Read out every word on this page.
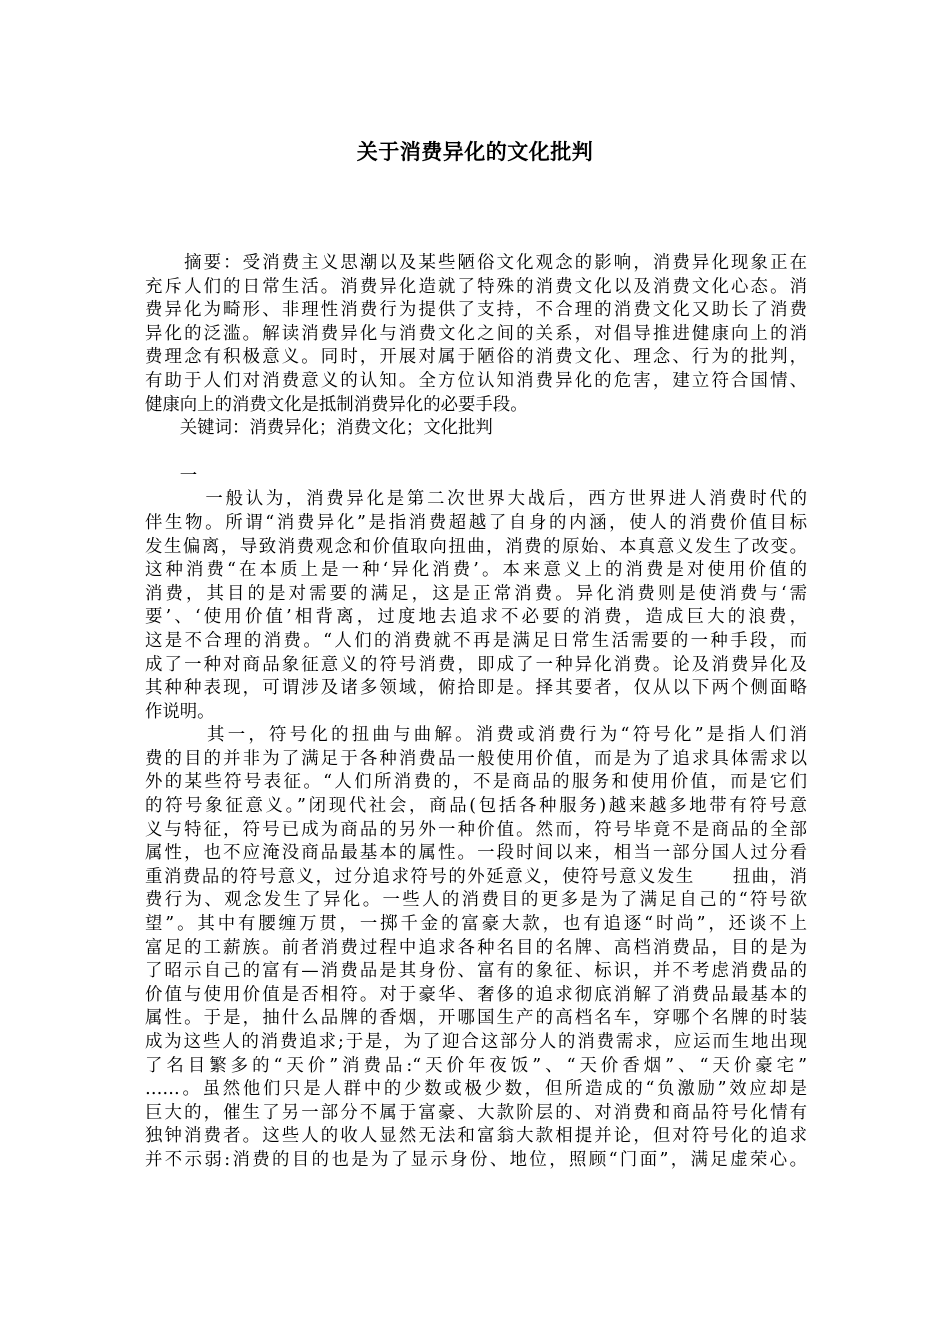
关于消费异化的文化批判
　　摘要：受消费主义思潮以及某些陋俗文化观念的影响，消费异化现象正在
充斥人们的日常生活。消费异化造就了特殊的消费文化以及消费文化心态。消
费异化为畸形、非理性消费行为提供了支持，不合理的消费文化又助长了消费
异化的泛滥。解读消费异化与消费文化之间的关系，对倡导推进健康向上的消
费理念有积极意义。同时，开展对属于陋俗的消费文化、理念、行为的批判，
有助于人们对消费意义的认知。全方位认知消费异化的危害，建立符合国情、
健康向上的消费文化是抵制消费异化的必要手段。
　　关键词：消费异化；消费文化；文化批判
　　一
　　　一般认为，消费异化是第二次世界大战后，西方世界进人消费时代的
伴生物。所谓“消费异化”是指消费超越了自身的内涵，使人的消费价值目标
发生偏离，导致消费观念和价值取向扭曲，消费的原始、本真意义发生了改变。
这种消费“在本质上是一种‘异化消费’。本来意义上的消费是对使用价值的
消费，其目的是对需要的满足，这是正常消费。异化消费则是使消费与‘需
要’、‘使用价值’相背离，过度地去追求不必要的消费，造成巨大的浪费，
这是不合理的消费。“人们的消费就不再是满足日常生活需要的一种手段，而
成了一种对商品象征意义的符号消费，即成了一种异化消费。论及消费异化及
其种种表现，可谓涉及诸多领域，俯拾即是。择其要者，仅从以下两个侧面略
作说明。
　　　其一，符号化的扭曲与曲解。消费或消费行为“符号化”是指人们消
费的目的并非为了满足于各种消费品一般使用价值，而是为了追求具体需求以
外的某些符号表征。“人们所消费的，不是商品的服务和使用价值，而是它们
的符号象征意义。”闭现代社会，商品(包括各种服务)越来越多地带有符号意
义与特征，符号已成为商品的另外一种价值。然而，符号毕竟不是商品的全部
属性，也不应淹没商品最基本的属性。一段时间以来，相当一部分国人过分看
重消费品的符号意义，过分追求符号的外延意义，使符号意义发生　　扭曲，消
费行为、观念发生了异化。一些人的消费目的更多是为了满足自己的“符号欲
望”。其中有腰缠万贯，一掷千金的富豪大款，也有追逐“时尚”，还谈不上
富足的工薪族。前者消费过程中追求各种名目的名牌、高档消费品，目的是为
了昭示自己的富有—消费品是其身份、富有的象征、标识，并不考虑消费品的
价值与使用价值是否相符。对于豪华、奢侈的追求彻底消解了消费品最基本的
属性。于是，抽什么品牌的香烟，开哪国生产的高档名车，穿哪个名牌的时装
成为这些人的消费追求;于是，为了迎合这部分人的消费需求，应运而生地出现
了名目繁多的“天价”消费品:“天价年夜饭”、“天价香烟”、“天价豪宅”
……。虽然他们只是人群中的少数或极少数，但所造成的“负激励”效应却是
巨大的，催生了另一部分不属于富豪、大款阶层的、对消费和商品符号化情有
独钟消费者。这些人的收人显然无法和富翁大款相提并论，但对符号化的追求
并不示弱:消费的目的也是为了显示身份、地位，照顾“门面”，满足虚荣心。
